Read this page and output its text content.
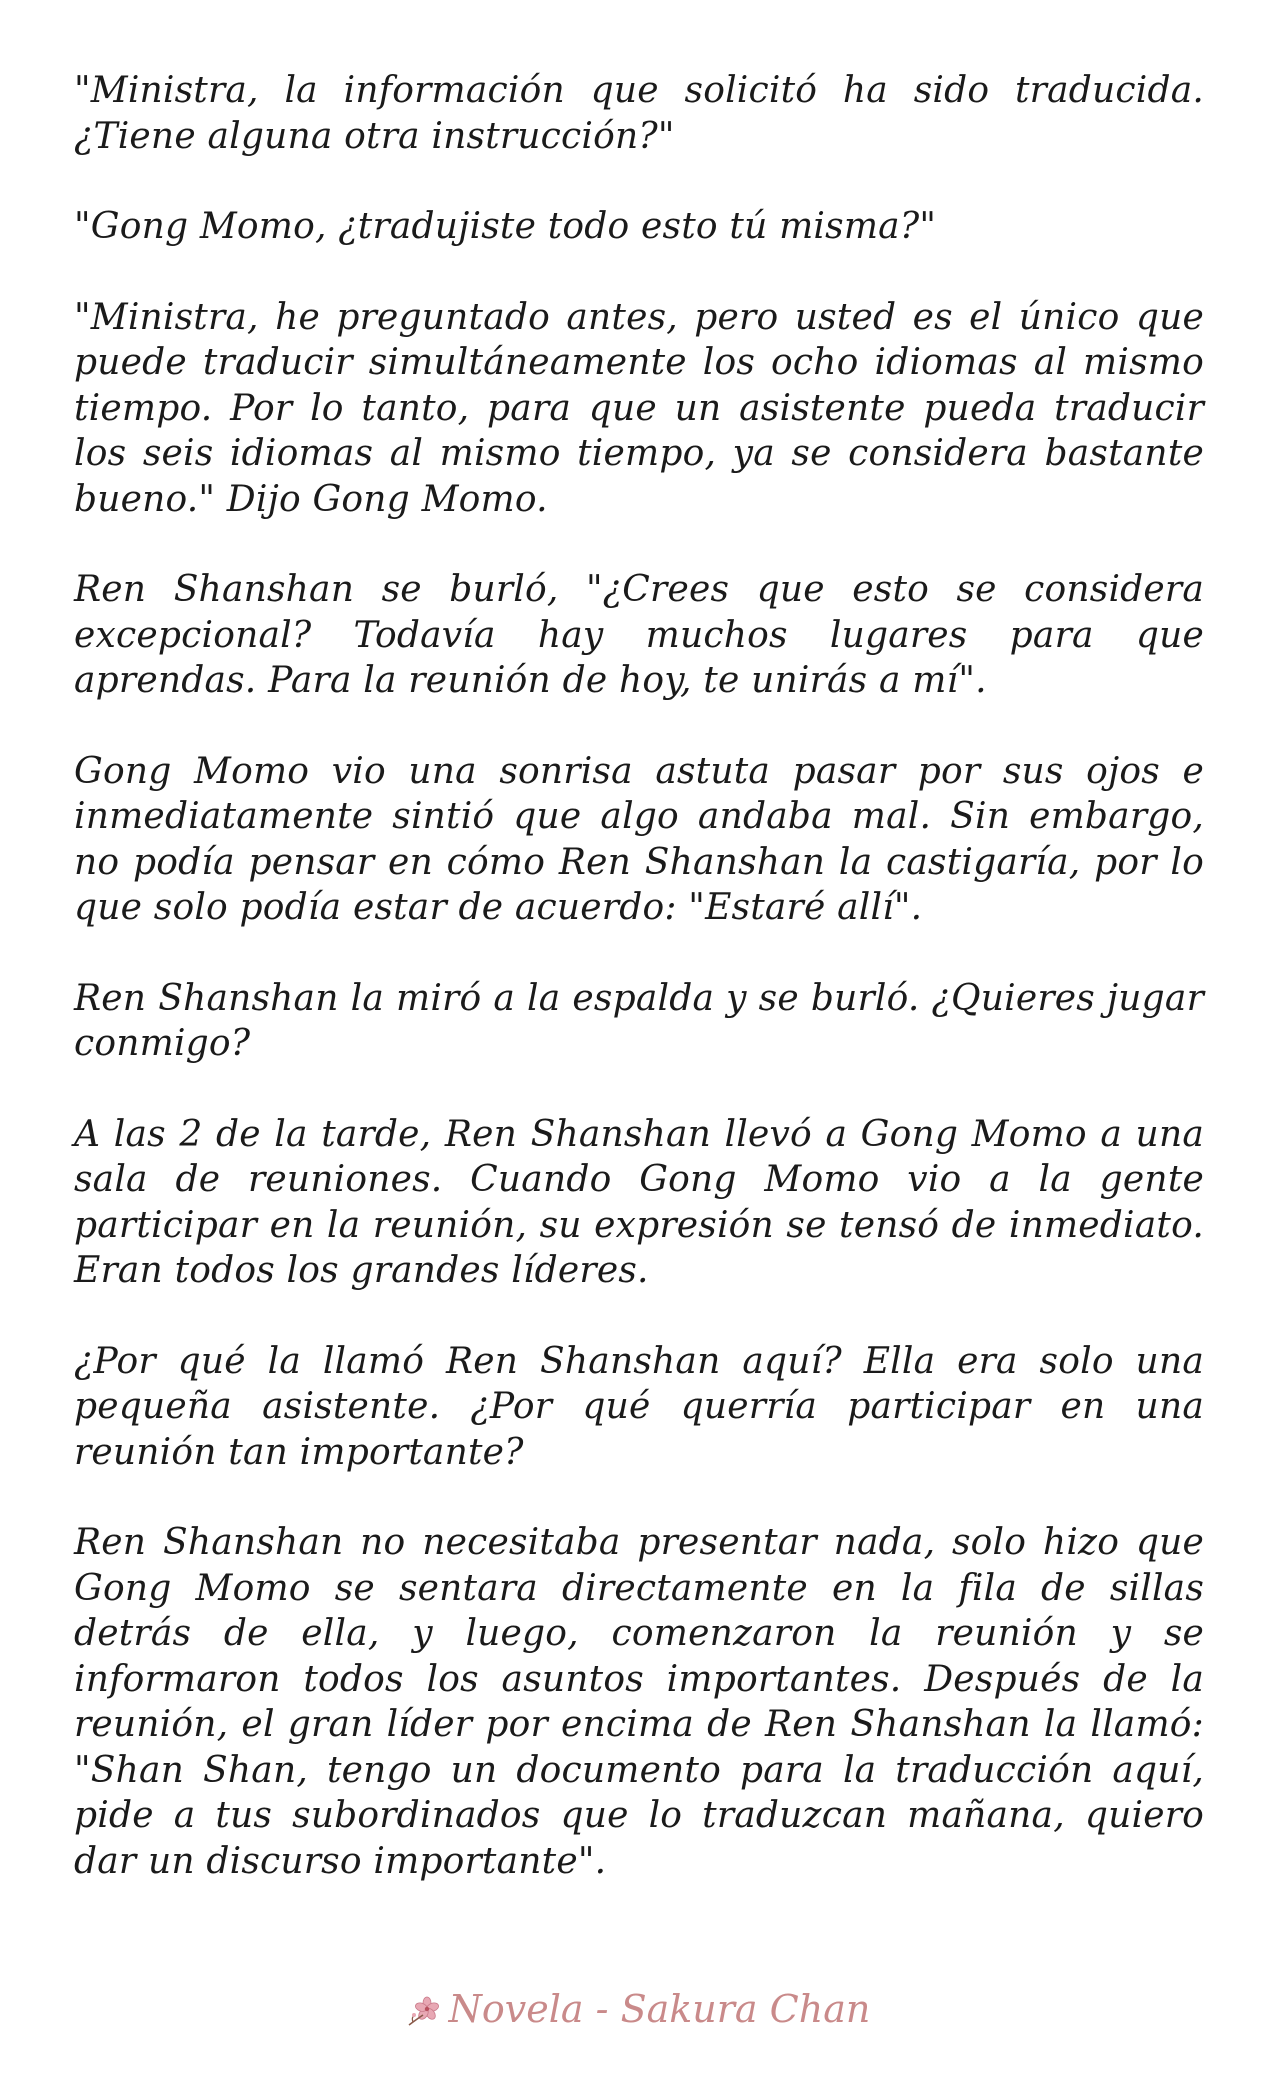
"Ministra, la información que solicitó ha sido traducida. ¿Tiene alguna otra instrucción?"

"Gong Momo, ¿tradujiste todo esto tú misma?"

"Ministra, he preguntado antes, pero usted es el único que puede traducir simultáneamente los ocho idiomas al mismo tiempo. Por lo tanto, para que un asistente pueda traducir los seis idiomas al mismo tiempo, ya se considera bastante bueno." Dijo Gong Momo.

Ren Shanshan se burló, "¿Crees que esto se considera excepcional? Todavía hay muchos lugares para que aprendas. Para la reunión de hoy, te unirás a mí".

Gong Momo vio una sonrisa astuta pasar por sus ojos e inmediatamente sintió que algo andaba mal. Sin embargo, no podía pensar en cómo Ren Shanshan la castigaría, por lo que solo podía estar de acuerdo: "Estaré allí".

Ren Shanshan la miró a la espalda y se burló. ¿Quieres jugar conmigo?

A las 2 de la tarde, Ren Shanshan llevó a Gong Momo a una sala de reuniones. Cuando Gong Momo vio a la gente participar en la reunión, su expresión se tensó de inmediato. Eran todos los grandes líderes.

¿Por qué la llamó Ren Shanshan aquí? Ella era solo una pequeña asistente. ¿Por qué querría participar en una reunión tan importante?

Ren Shanshan no necesitaba presentar nada, solo hizo que Gong Momo se sentara directamente en la fila de sillas detrás de ella, y luego, comenzaron la reunión y se informaron todos los asuntos importantes. Después de la reunión, el gran líder por encima de Ren Shanshan la llamó: "Shan Shan, tengo un documento para la traducción aquí, pide a tus subordinados que lo traduzcan mañana, quiero dar un discurso importante".

Novela - Sakura Chan
